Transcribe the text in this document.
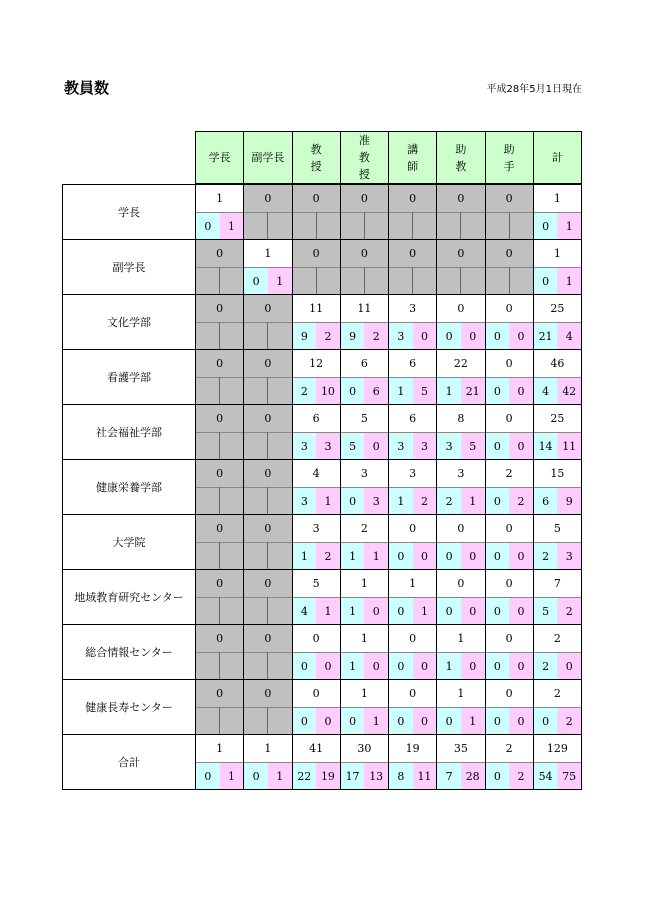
教員数	平成28年5月1日現在
	学長		副学長		教
授		准
教
授		講
師		助
教		助
手		計	

学長	1		0		0		0		0		0		0		1	
	0	1													0	1
副学長	0		1		0		0		0		0		0		1	
			0	1											0	1
文化学部	0		0		11		11		3		0		0		25	
					9	2	9	2	3	0	0	0	0	0	21	4
看護学部	0		0		12		6		6		22		0		46	
					2	10	0	6	1	5	1	21	0	0	4	42
社会福祉学部	0		0		6		5		6		8		0		25	
					3	3	5	0	3	3	3	5	0	0	14	11
健康栄養学部	0		0		4		3		3		3		2		15	
					3	1	0	3	1	2	2	1	0	2	6	9
大学院	0		0		3		2		0		0		0		5	
					1	2	1	1	0	0	0	0	0	0	2	3
地域教育研究センター	0		0		5		1		1		0		0		7	
					4	1	1	0	0	1	0	0	0	0	5	2
総合情報センター	0		0		0		1		0		1		0		2	
					0	0	1	0	0	0	1	0	0	0	2	0
健康長寿センター	0		0		0		1		0		1		0		2	
					0	0	0	1	0	0	0	1	0	0	0	2
合計	1		1		41		30		19		35		2		129	
	0	1	0	1	22	19	17	13	8	11	7	28	0	2	54	75
